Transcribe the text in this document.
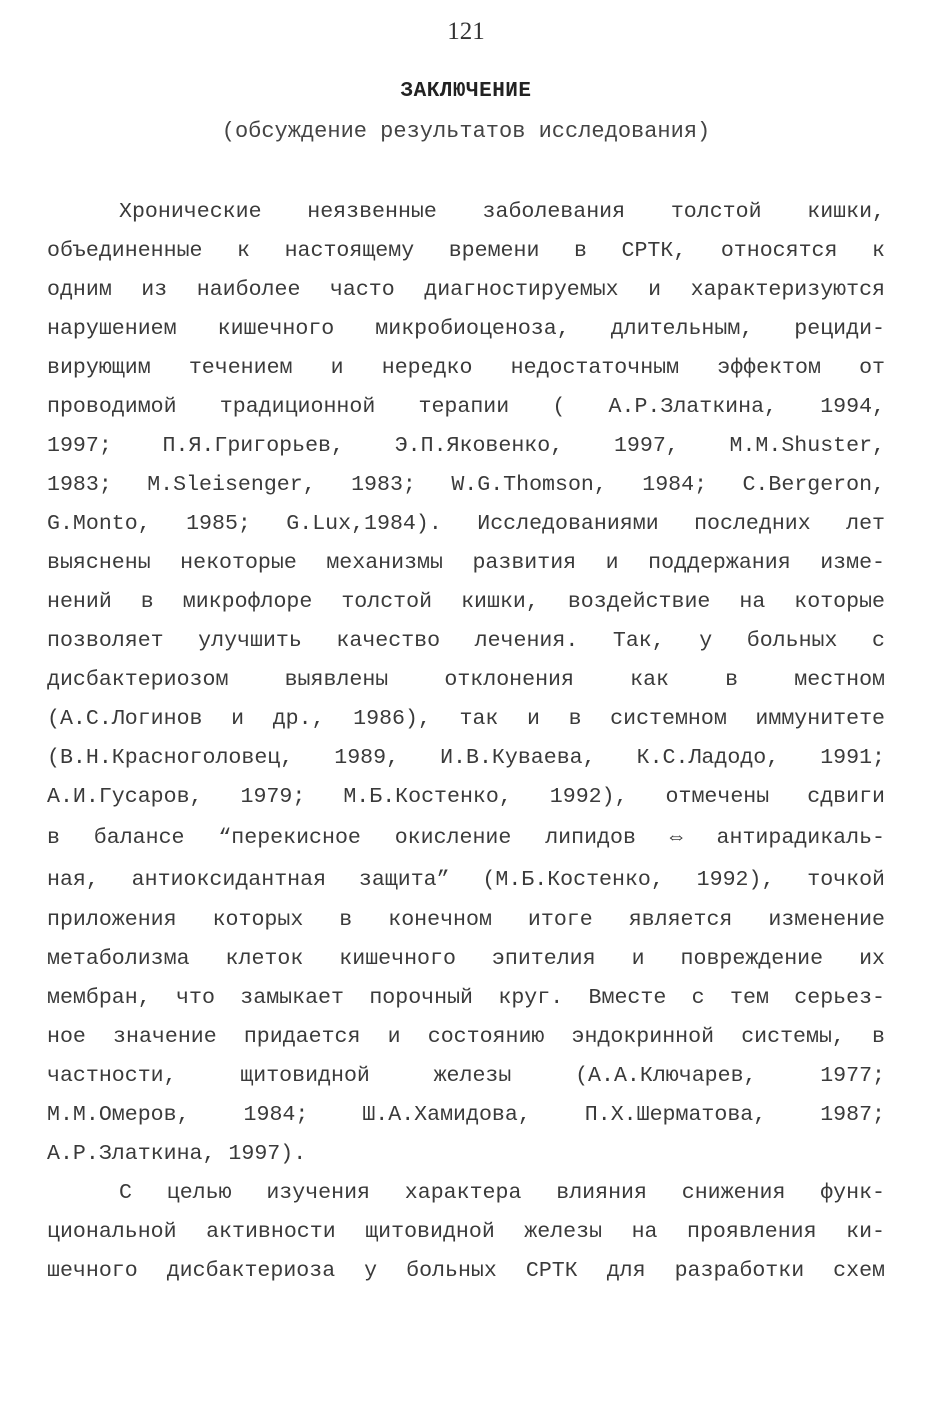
121
ЗАКЛЮЧЕНИЕ
(обсуждение результатов исследования)
Хронические неязвенные заболевания толстой кишки,
объединенные к настоящему времени в СРТК, относятся к
одним из наиболее часто диагностируемых и характеризуются
нарушением кишечного микробиоценоза, длительным, рециди-
вирующим течением и нередко недостаточным эффектом от
проводимой традиционной терапии ( А.Р.Златкина, 1994,
1997; П.Я.Григорьев, Э.П.Яковенко, 1997, M.M.Shuster,
1983; M.Sleisenger, 1983; W.G.Thomson, 1984; C.Bergeron,
G.Monto, 1985; G.Lux,1984). Исследованиями последних лет
выяснены некоторые механизмы развития и поддержания изме-
нений в микрофлоре толстой кишки, воздействие на которые
позволяет улучшить качество лечения. Так, у больных с
дисбактериозом выявлены отклонения как в местном
(А.С.Логинов и др., 1986), так и в системном иммунитете
(В.Н.Красноголовец, 1989, И.В.Куваева, К.С.Ладодо, 1991;
А.И.Гусаров, 1979; М.Б.Костенко, 1992), отмечены сдвиги
в балансе “перекисное окисление липидов ⇔ антирадикаль-
ная, антиоксидантная защита” (М.Б.Костенко, 1992), точкой
приложения которых в конечном итоге является изменение
метаболизма клеток кишечного эпителия и повреждение их
мембран, что замыкает порочный круг. Вместе с тем серьез-
ное значение придается и состоянию эндокринной системы, в
частности, щитовидной железы (А.А.Ключарев, 1977;
М.М.Омеров, 1984; Ш.А.Хамидова, П.Х.Шерматова, 1987;
А.Р.Златкина, 1997).
С целью изучения характера влияния снижения функ-
циональной активности щитовидной железы на проявления ки-
шечного дисбактериоза у больных СРТК для разработки схем
